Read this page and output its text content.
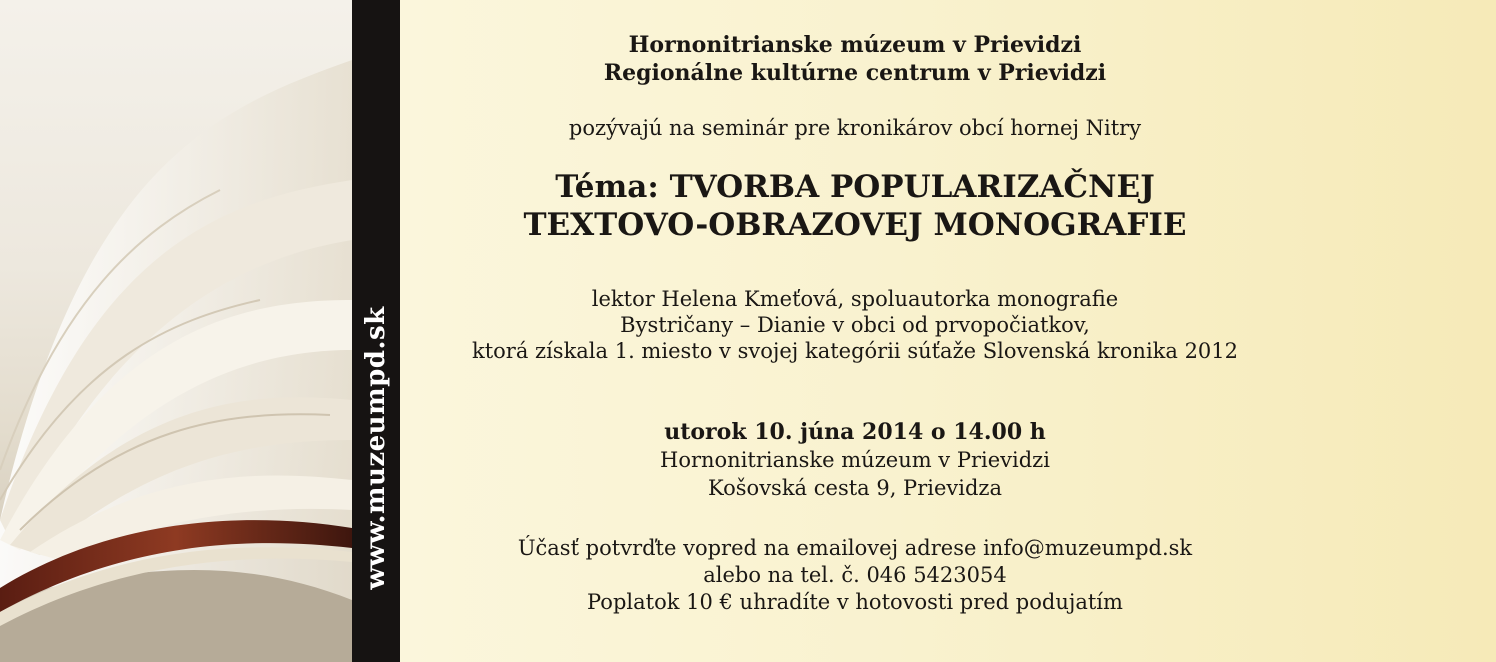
www.muzeumpd.sk
Hornonitrianske múzeum v Prievidzi
Regionálne kultúrne centrum v Prievidzi
pozývajú na seminár pre kronikárov obcí hornej Nitry
Téma: TVORBA POPULARIZAČNEJ
TEXTOVO-OBRAZOVEJ MONOGRAFIE
lektor Helena Kmeťová, spoluautorka monografie
Bystričany – Dianie v obci od prvopočiatkov,
ktorá získala 1. miesto v svojej kategórii súťaže Slovenská kronika 2012
utorok 10. júna 2014 o 14.00 h
Hornonitrianske múzeum v Prievidzi
Košovská cesta 9, Prievidza
Účasť potvrďte vopred na emailovej adrese info@muzeumpd.sk
alebo na tel. č. 046 5423054
Poplatok 10 € uhradíte v hotovosti pred podujatím
